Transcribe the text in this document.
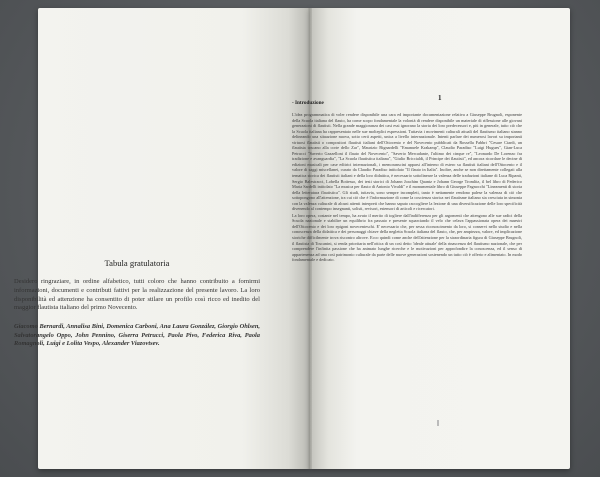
Tabula gratulatoria

Desidero ringraziare, in ordine alfabetico, tutti coloro che hanno contribuito a fornirmi informazioni, documenti e contributi fattivi per la realizzazione del presente lavoro. La loro disponibilità ed attenzione ha consentito di poter stilare un profilo così ricco ed inedito del maggior flautista italiano del primo Novecento.

Giacomo Bernardi, Annalisa Bini, Domenica Carboni, Ana Laura González, Giorgio Ohlsen, Salvatorangelo Oppo, John Pennino, Giserra Petrucci, Paola Pivo, Federica Riva, Paola Romagnoli, Luigi e Lolita Vespo, Alexander Viazovtsev.

1

- Introduzione

L'idea programmatica di voler rendere disponibile una cara ed importante documentazione relativa a Giuseppe Brugnoli, esponente della Scuola italiana del flauto, ha come scopo fondamentale la volontà di rendere disponibile un materiale di riflessione alle giovani generazioni di flautisti. Nella grande maggioranza dei casi essi ignorano la storia dei loro predecessori e, più in generale, tutto ciò che la Scuola italiana ha rappresentato nelle sue molteplici espressioni. Tuttavia i movimenti culturali attuali del flautismo italiano stanno delineando una situazione nuova, sotto certi aspetti, unica a livello internazionale. Intenti parlare dei numerosi lavori su importanti virtuosi flautisti o compositori flautisti italiani dell'Ottocento e del Novecento pubblicati da Rossella Fabbri "Cesare Ciardi, un flautista toscano alla corte dello Zar", Maurizio Bignardelli "Emanuele Krakamp", Claudio Paradiso "Luigi Hugues", Gian-Luca Petrucci "Saverio Gazzelloni il flauto del Novecento", "Saverio Mercadante, l'ultimo dei cinque re", "Leonardo De Lorenzo fra tradizione e avanguardia", "La Scuola flautistica italiana", "Giulio Briccialdi, il Principe dei flautisti", ed ancora ricordare le decine di edizioni musicali per case editrici internazionali, i memoranscini apparsi all'interno di estero su flautisti italiani dell'Ottocento e il valore di saggi miscellanei, curato da Claudio Paradiso intitolato "Il flauto in Italia". Inoltre, anche se non direttamente collegati alla tematica storica dei flautisti italiani e della loro didattica, è necessario sottolineare la valenza delle traduzioni italiane di Luca Ripanti, Sergio Balestracci, Lobella Bottesso, dei testi storici di Johann Joachim Quantz e Johann George Tromlitz, il bel libro di Federico Maria Sardelli intitolato "La musica per flauto di Antonio Vivaldi" e il monumentale libro di Giuseppe Fagnocchi "Lineamenti di storia della letteratura flautistica". Gli studi, tuttavia, sono sempre incompleti, tanto è nettamente rendono palese la valenza di ciò che sottopongono all'attenzione, tra cui ciò che è l'informazione di come la coscienza storica nei flautisme italiano sia cresciuta in simonia con la valenza culturale di alcuni attenti interpreti che hanno saputo raccogliere la lezione di una diversificazione delle loro specificità divenendo al contempo insegnanti, solisti, revisori, estensori di articoli e ricercatori.

La loro opera, costante nel tempo, ha avuto il merito di togliere dall'indifferenza per gli argomenti che attengono alle sue radici della Scuola nazionale e stabilire un equilibrio fra passato e presente squarciando il velo che celava l'appassionata opera dei maestri dell'Ottocento e dei loro epigoni novecenteschi. E' necessario che, per sessa riconoscimento da loro, si conservi nello studio e nella conoscenza della didattica e dei personaggi chiave della negletta Scuola italiana del flauto, che, per ampiezza, valore, ed implicazione storiche difficilmente trova riscontro altrove. Ecco quindi come anche dell'attenzione per la straordinaria figura di Giuseppe Brugnoli, il flautista di Toscanini, si renda prioritaria nell'ottica di un così detto 'ideale attuale' della rinascenza del flautismo nazionale, che per comprendere l'infinita passione che ha animato lunghe ricerche e le motivazioni per approfondire la conoscenza, ed il senso di appartenenza ad una così patrimonio culturale da parte delle nuove generazioni sostenendo un tutto ciò è offerto e alimentato. In modo fondamentale e dedicato.
